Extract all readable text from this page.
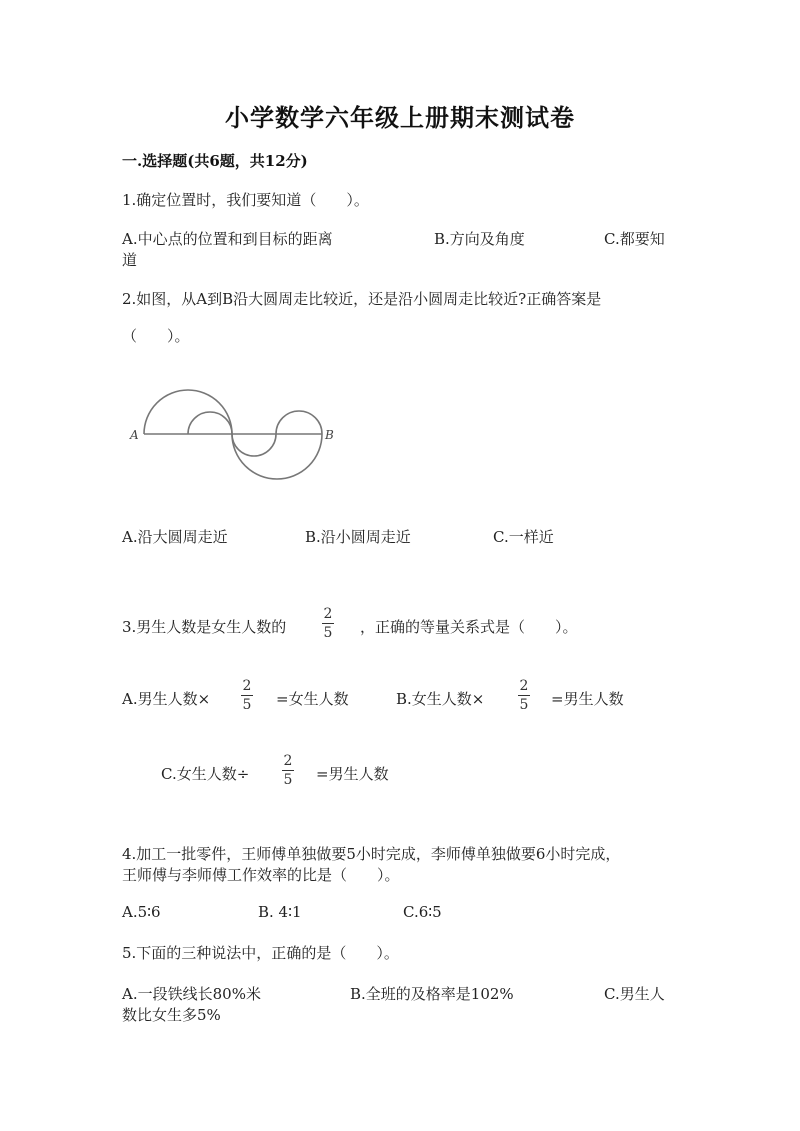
小学数学六年级上册期末测试卷
一.选择题(共6题，共12分)
1.确定位置时，我们要知道（　　）。
A.中心点的位置和到目标的距离	B.方向及角度	C.都要知
道
2.如图，从A到B沿大圆周走比较近，还是沿小圆周走比较近?正确答案是
（　　）。
A	B
A.沿大圆周走近	B.沿小圆周走近	C.一样近
3.男生人数是女生人数的
2
5 ，正确的等量关系式是（　　）。
A.男生人数×
2
5 =女生人数	B.女生人数×
2
5 =男生人数
C.女生人数÷
2
5 =男生人数
4.加工一批零件，王师傅单独做要5小时完成，李师傅单独做要6小时完成，
王师傅与李师傅工作效率的比是（　　）。
A.5∶6	B. 4∶1	C.6∶5
5.下面的三种说法中，正确的是（　　）。
A.一段铁线长80%米	B.全班的及格率是102%	C.男生人
数比女生多5%
